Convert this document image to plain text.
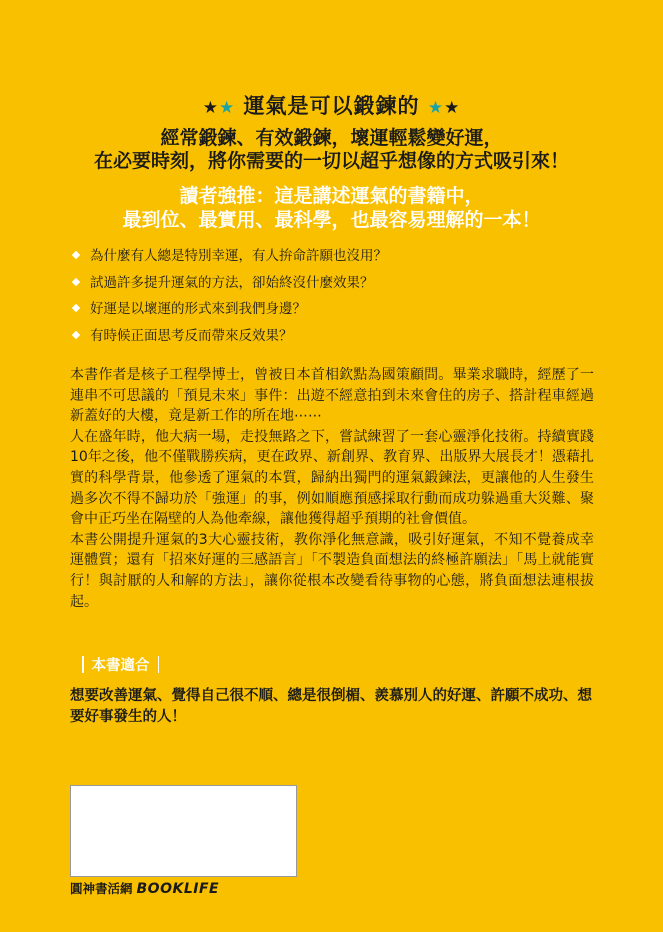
★★ 運氣是可以鍛鍊的 ★★
經常鍛鍊、有效鍛鍊，壞運輕鬆變好運，
在必要時刻，將你需要的一切以超乎想像的方式吸引來！
讀者強推：這是講述運氣的書籍中，
最到位、最實用、最科學，也最容易理解的一本！
為什麼有人總是特別幸運，有人拚命許願也沒用？
試過許多提升運氣的方法，卻始終沒什麼效果？
好運是以壞運的形式來到我們身邊？
有時候正面思考反而帶來反效果？

本書作者是核子工程學博士，曾被日本首相欽點為國策顧問。畢業求職時，經歷了一連串不可思議的「預見未來」事件：出遊不經意拍到未來會住的房子、搭計程車經過新蓋好的大樓，竟是新工作的所在地⋯⋯

人在盛年時，他大病一場，走投無路之下，嘗試練習了一套心靈淨化技術。持續實踐10年之後，他不僅戰勝疾病，更在政界、新創界、教育界、出版界大展長才！憑藉扎實的科學背景，他參透了運氣的本質，歸納出獨門的運氣鍛鍊法，更讓他的人生發生過多次不得不歸功於「強運」的事，例如順應預感採取行動而成功躲過重大災難、聚會中正巧坐在隔壁的人為他牽線，讓他獲得超乎預期的社會價值。

本書公開提升運氣的3大心靈技術，教你淨化無意識，吸引好運氣，不知不覺養成幸運體質；還有「招來好運的三感語言」「不製造負面想法的終極許願法」「馬上就能實行！與討厭的人和解的方法」，讓你從根本改變看待事物的心態，將負面想法連根拔起。

本書適合
想要改善運氣、覺得自己很不順、總是很倒楣、羨慕別人的好運、許願不成功、想要好事發生的人！
圓神書活網 BOOKLIFE
